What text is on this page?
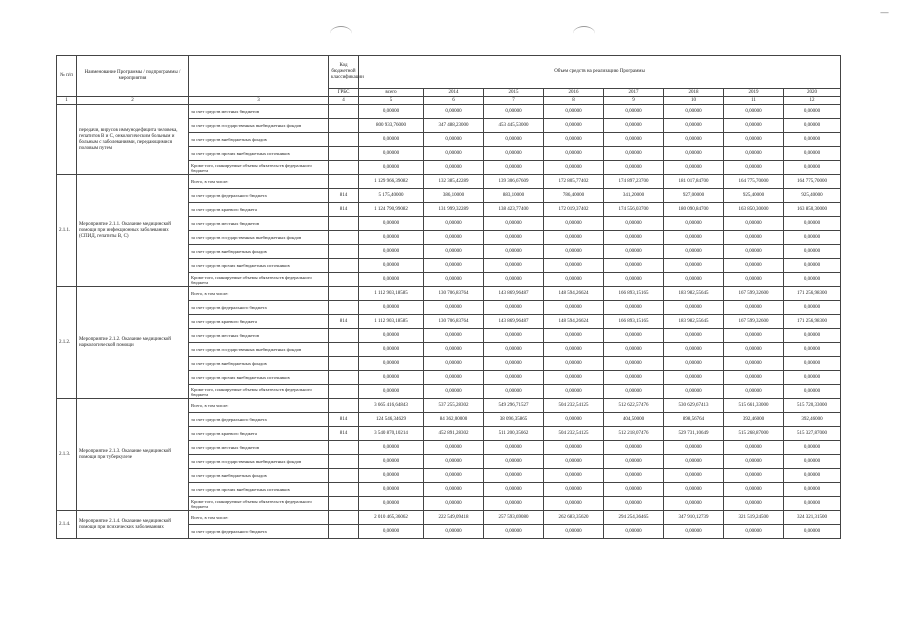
—
№ п/п	Наименование Программы / подпрограммы / мероприятия		Код бюджетной классификации	Объем средств на реализацию Программы							
			ГРБС	всего	2014	2015	2016	2017	2018	2019	2020
1	2	3	4	5	6	7	8	9	10	11	12
	передачи, вирусов иммунодефицита человека, гепатитов B и C, онкологическим больным и больным с заболеваниями, передающимися половым путем	за счет средств местных бюджетов		0,00000	0,00000	0,00000	0,00000	0,00000	0,00000	0,00000	0,00000
		за счет средств государственных внебюджетных фондов		800 933,76000	347 488,23000	453 445,53000	0,00000	0,00000	0,00000	0,00000	0,00000
		за счет средств внебюджетных фондов		0,00000	0,00000	0,00000	0,00000	0,00000	0,00000	0,00000	0,00000
		за счет средств прочих внебюджетных источников		0,00000	0,00000	0,00000	0,00000	0,00000	0,00000	0,00000	0,00000
		Кроме того, планируемые объемы обязательств федерального бюджета		0,00000	0,00000	0,00000	0,00000	0,00000	0,00000	0,00000	0,00000
2.1.1.	Мероприятие 2.1.1. Оказание медицинской помощи при инфекционных заболеваниях (СПИД, гепатиты B, C)	Всего, в том числе:		1 129 966,39082	132 385,42289	139 306,67609	172 805,77402	174 897,23700	181 017,84700	164 775,70000	164 775,70000
		за счет средств федерального бюджета	814	5 175,40000	386,10000	883,10000	786,40000	341,20000	927,00000	925,40000	925,40000
		за счет средств краевого бюджета	814	1 124 790,99082	131 999,32289	138 423,77400	172 019,37402	174 556,03700	180 090,84700	163 850,30000	163 850,30000
		за счет средств местных бюджетов		0,00000	0,00000	0,00000	0,00000	0,00000	0,00000	0,00000	0,00000
		за счет средств государственных внебюджетных фондов		0,00000	0,00000	0,00000	0,00000	0,00000	0,00000	0,00000	0,00000
		за счет средств внебюджетных фондов		0,00000	0,00000	0,00000	0,00000	0,00000	0,00000	0,00000	0,00000
		за счет средств прочих внебюджетных источников		0,00000	0,00000	0,00000	0,00000	0,00000	0,00000	0,00000	0,00000
		Кроме того, планируемые объемы обязательств федерального бюджета		0,00000	0,00000	0,00000	0,00000	0,00000	0,00000	0,00000	0,00000
2.1.2.	Мероприятие 2.1.2. Оказание медицинской наркологической помощи	Всего, в том числе:		1 112 903,18585	130 706,83764	143 869,96487	148 594,26624	166 893,15165	183 982,55645	167 599,32600	171 256,98300
		за счет средств федерального бюджета		0,00000	0,00000	0,00000	0,00000	0,00000	0,00000	0,00000	0,00000
		за счет средств краевого бюджета	814	1 112 903,18585	130 706,83764	143 869,96487	148 594,26624	166 893,15165	183 982,55645	167 599,32600	171 256,98300
		за счет средств местных бюджетов		0,00000	0,00000	0,00000	0,00000	0,00000	0,00000	0,00000	0,00000
		за счет средств государственных внебюджетных фондов		0,00000	0,00000	0,00000	0,00000	0,00000	0,00000	0,00000	0,00000
		за счет средств внебюджетных фондов		0,00000	0,00000	0,00000	0,00000	0,00000	0,00000	0,00000	0,00000
		за счет средств прочих внебюджетных источников		0,00000	0,00000	0,00000	0,00000	0,00000	0,00000	0,00000	0,00000
		Кроме того, планируемые объемы обязательств федерального бюджета		0,00000	0,00000	0,00000	0,00000	0,00000	0,00000	0,00000	0,00000
2.1.3.	Мероприятие 2.1.3. Оказание медицинской помощи при туберкулезе	Всего, в том числе:		3 665 416,64843	537 255,28302	549 296,71527	504 232,54125	512 622,57476	530 629,67413	515 661,33000	515 720,33000
		за счет средств федерального бюджета	814	124 546,34629	84 362,00000	38 096,35865	0,00000	404,50000	898,56764	392,46000	392,46000
		за счет средств краевого бюджета	814	3 540 870,10214	452 891,28302	511 200,35662	504 232,54125	512 218,07476	529 731,10649	515 268,87000	515 327,87000
		за счет средств местных бюджетов		0,00000	0,00000	0,00000	0,00000	0,00000	0,00000	0,00000	0,00000
		за счет средств государственных внебюджетных фондов		0,00000	0,00000	0,00000	0,00000	0,00000	0,00000	0,00000	0,00000
		за счет средств внебюджетных фондов		0,00000	0,00000	0,00000	0,00000	0,00000	0,00000	0,00000	0,00000
		за счет средств прочих внебюджетных источников		0,00000	0,00000	0,00000	0,00000	0,00000	0,00000	0,00000	0,00000
		Кроме того, планируемые объемы обязательств федерального бюджета		0,00000	0,00000	0,00000	0,00000	0,00000	0,00000	0,00000	0,00000
2.1.4.	Мероприятие 2.1.4. Оказание медицинской помощи при психических заболеваниях	Всего, в том числе:		2 010 465,36062	222 549,09418	257 593,69080	262 683,35620	294 254,36465	347 910,12739	321 519,24500	324 321,31500
		за счет средств федерального бюджета		0,00000	0,00000	0,00000	0,00000	0,00000	0,00000	0,00000	0,00000
